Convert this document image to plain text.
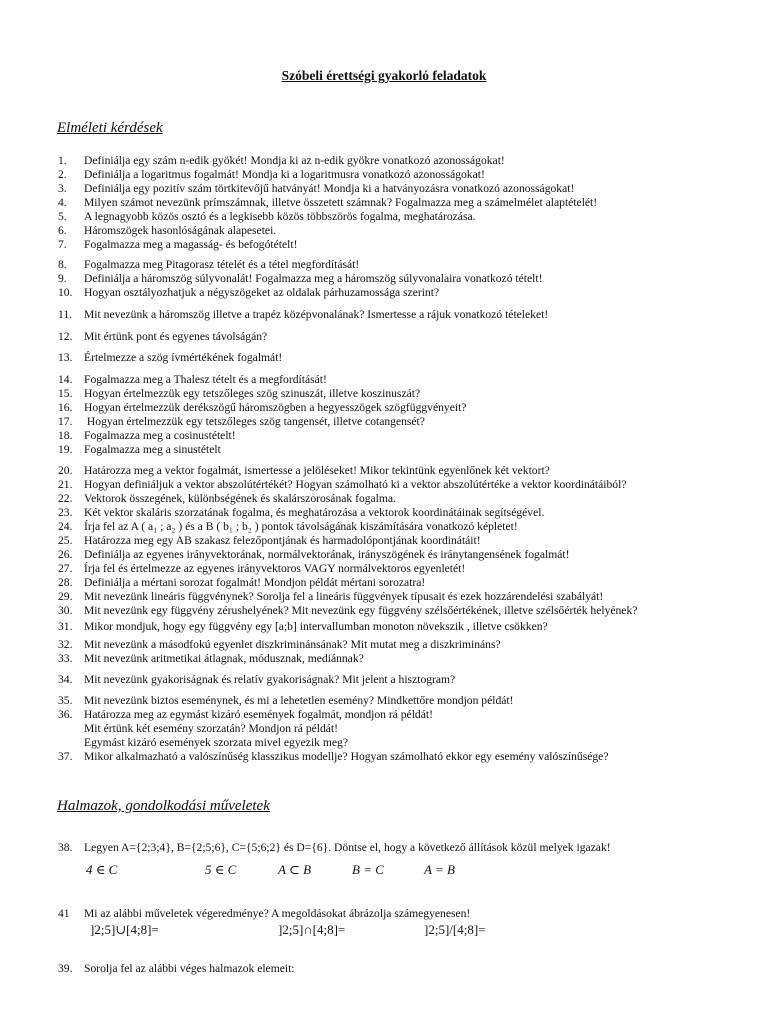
Szóbeli érettségi gyakorló feladatok
Elméleti kérdések
1. Definiálja egy szám n-edik gyökét! Mondja ki az n-edik gyökre vonatkozó azonosságokat!
2. Definiálja a logaritmus fogalmát! Mondja ki a logaritmusra vonatkozó azonosságokat!
3. Definiálja egy pozitív szám törtkitevőjű hatványát! Mondja ki a hatványozásra vonatkozó azonosságokat!
4. Milyen számot nevezünk prímszámnak, illetve összetett számnak? Fogalmazza meg a számelmélet alaptételét!
5. A legnagyobb közös osztó és a legkisebb közös többszörös fogalma, meghatározása.
6. Háromszögek hasonlóságának alapesetei.
7. Fogalmazza meg a magasság- és befogótételt!
8. Fogalmazza meg Pitagorasz tételét és a tétel megfordítását!
9. Definiálja a háromszög súlyvonalát! Fogalmazza meg a háromszög súlyvonalaira vonatkozó tételt!
10. Hogyan osztályozhatjuk a négyszögeket az oldalak párhuzamossága szerint?
11. Mit nevezünk a háromszög illetve a trapéz középvonalának? Ismertesse a rájuk vonatkozó tételeket!
12. Mit értünk pont és egyenes távolságán?
13. Értelmezze a szög ívmértékének fogalmát!
14. Fogalmazza meg a Thalesz tételt és a megfordítását!
15. Hogyan értelmezzük egy tetszőleges szög szinuszát, illetve koszinuszát?
16. Hogyan értelmezzük derékszögű háromszögben a hegyesszögek szögfüggvényeit?
17. Hogyan értelmezzük egy tetszőleges szög tangensét, illetve cotangensét?
18. Fogalmazza meg a cosinustételt!
19. Fogalmazza meg a sinustételt
20. Határozza meg a vektor fogalmát, ismertesse a jelöléseket! Mikor tekintünk egyenlőnek két vektort?
21. Hogyan definiáljuk a vektor abszolútértékét? Hogyan számolható ki a vektor abszolútértéke a vektor koordinátáiból?
22. Vektorok összegének, különbségének és skalárszorosának fogalma.
23. Két vektor skaláris szorzatának fogalma, és meghatározása a vektorok koordinátáinak segítségével.
24. Írja fel az A ( a₁ ; a₂ ) és a B ( b₁ ; b₂ ) pontok távolságának kiszámítására vonatkozó képletet!
25. Határozza meg egy AB szakasz felezőpontjának és harmadolópontjának koordinátáit!
26. Definiálja az egyenes irányvektorának, normálvektorának, irányszögének és iránytangensének fogalmát!
27. Írja fel és értelmezze az egyenes irányvektoros VAGY normálvektoros egyenletét!
28. Definiálja a mértani sorozat fogalmát! Mondjon példát mértani sorozatra!
29. Mit nevezünk lineáris függvénynek? Sorolja fel a lineáris függvények típusait és ezek hozzárendelési szabályát!
30. Mit nevezünk egy függvény zérushelyének? Mit nevezünk egy függvény szélsőértékének, illetve szélsőérték helyének?
31. Mikor mondjuk, hogy egy függvény egy [a;b] intervallumban monoton növekszik , illetve csökken?
32. Mit nevezünk a másodfokú egyenlet diszkriminánsának? Mit mutat meg a diszkrimináns?
33. Mit nevezünk aritmetikai átlagnak, módusznak, mediánnak?
34. Mit nevezünk gyakoriságnak és relatív gyakoriságnak? Mit jelent a hisztogram?
35. Mit nevezünk biztos eseménynek, és mi a lehetetlen esemény? Mindkettőre mondjon példát!
36. Határozza meg az egymást kizáró események fogalmát, mondjon rá példát!
Mit értünk két esemény szorzatán? Mondjon rá példát!
Egymást kizáró események szorzata mivel egyezik meg?
37. Mikor alkalmazható a valószínűség klasszikus modellje? Hogyan számolható ekkor egy esemény valószínűsége?
Halmazok, gondolkodási műveletek
38. Legyen A={2;3;4}, B={2;5;6}, C={5;6;2} és D={6}. Döntse el, hogy a következő állítások közül melyek igazak!
4 ∈ C	5 ∈ C	A ⊂ B	B = C	A = B
41 Mi az alábbi műveletek végeredménye? A megoldásokat ábrázolja számegyenesen!
]2;5]∪[4;8]=	]2;5]∩[4;8]=	]2;5]/[4;8]=
39. Sorolja fel az alábbi véges halmazok elemeit:
